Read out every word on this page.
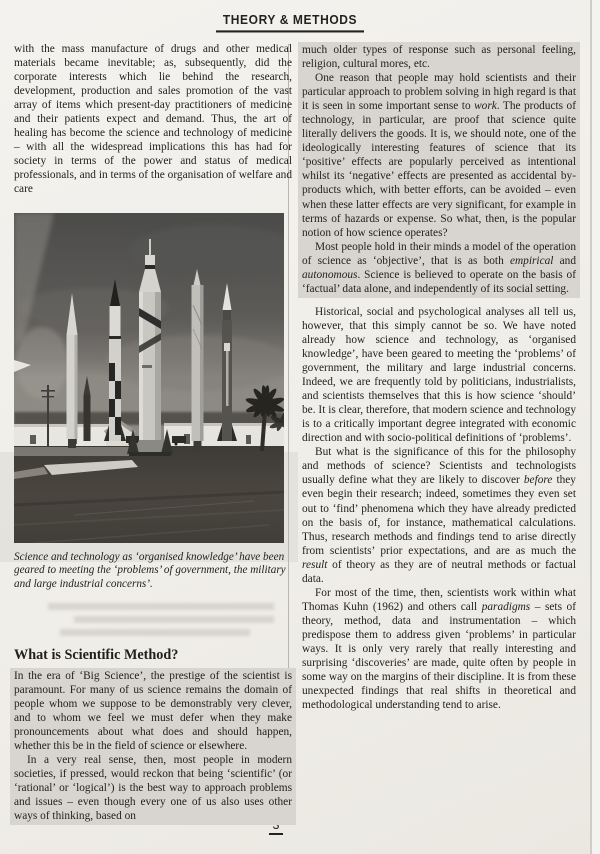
THEORY & METHODS

with the mass manufacture of drugs and other medical materials became inevitable; as, subsequently, did the corporate interests which lie behind the research, development, production and sales promotion of the vast array of items which present-day practitioners of medicine and their patients expect and demand. Thus, the art of healing has become the science and technology of medicine – with all the widespread implications this has had for society in terms of the power and status of medical professionals, and in terms of the organisation of welfare and care

Science and technology as ‘organised knowledge’ have been geared to meeting the ‘problems’ of government, the military and large industrial concerns’.

What is Scientific Method?

In the era of ‘Big Science’, the prestige of the scientist is paramount. For many of us science remains the domain of people whom we suppose to be demonstrably very clever, and to whom we feel we must defer when they make pronouncements about what does and should happen, whether this be in the field of science or elsewhere.

In a very real sense, then, most people in modern societies, if pressed, would reckon that being ‘scientific’ (or ‘rational’ or ‘logical’) is the best way to approach problems and issues – even though every one of us also uses other ways of thinking, based on

much older types of response such as personal feeling, religion, cultural mores, etc.

One reason that people may hold scientists and their particular approach to problem solving in high regard is that it is seen in some important sense to work. The products of technology, in particular, are proof that science quite literally delivers the goods. It is, we should note, one of the ideologically interesting features of science that its ‘positive’ effects are popularly perceived as intentional whilst its ‘negative’ effects are presented as accidental by-products which, with better efforts, can be avoided – even when these latter effects are very significant, for example in terms of hazards or expense. So what, then, is the popular notion of how science operates?

Most people hold in their minds a model of the operation of science as ‘objective’, that is as both empirical and autonomous. Science is believed to operate on the basis of ‘factual’ data alone, and independently of its social setting.

Historical, social and psychological analyses all tell us, however, that this simply cannot be so. We have noted already how science and technology, as ‘organised knowledge’, have been geared to meeting the ‘problems’ of government, the military and large industrial concerns. Indeed, we are frequently told by politicians, industrialists, and scientists themselves that this is how science ‘should’ be. It is clear, therefore, that modern science and technology is to a critically important degree integrated with economic direction and with socio-political definitions of ‘problems’.

But what is the significance of this for the philosophy and methods of science? Scientists and technologists usually define what they are likely to discover before they even begin their research; indeed, sometimes they even set out to ‘find’ phenomena which they have already predicted on the basis of, for instance, mathematical calculations. Thus, research methods and findings tend to arise directly from scientists’ prior expectations, and are as much the result of theory as they are of neutral methods or factual data.

For most of the time, then, scientists work within what Thomas Kuhn (1962) and others call paradigms – sets of theory, method, data and instrumentation – which predispose them to address given ‘problems’ in particular ways. It is only very rarely that really interesting and surprising ‘discoveries’ are made, quite often by people in some way on the margins of their discipline. It is from these unexpected findings that real shifts in theoretical and methodological understanding tend to arise.
